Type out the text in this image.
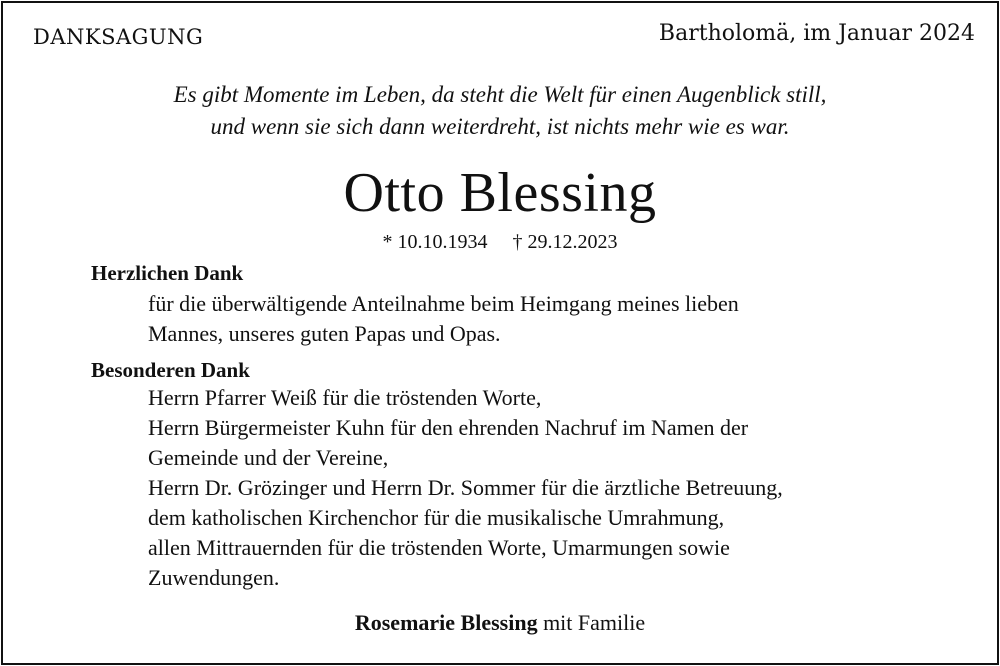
DANKSAGUNG	Bartholomä, im Januar 2024
Es gibt Momente im Leben, da steht die Welt für einen Augenblick still,
und wenn sie sich dann weiterdreht, ist nichts mehr wie es war.
Otto Blessing
* 10.10.1934 † 29.12.2023
Herzlichen Dank
für die überwältigende Anteilnahme beim Heimgang meines lieben
Mannes, unseres guten Papas und Opas.
Besonderen Dank
Herrn Pfarrer Weiß für die tröstenden Worte,
Herrn Bürgermeister Kuhn für den ehrenden Nachruf im Namen der
Gemeinde und der Vereine,
Herrn Dr. Grözinger und Herrn Dr. Sommer für die ärztliche Betreuung,
dem katholischen Kirchenchor für die musikalische Umrahmung,
allen Mittrauernden für die tröstenden Worte, Umarmungen sowie
Zuwendungen.
Rosemarie Blessing mit Familie
